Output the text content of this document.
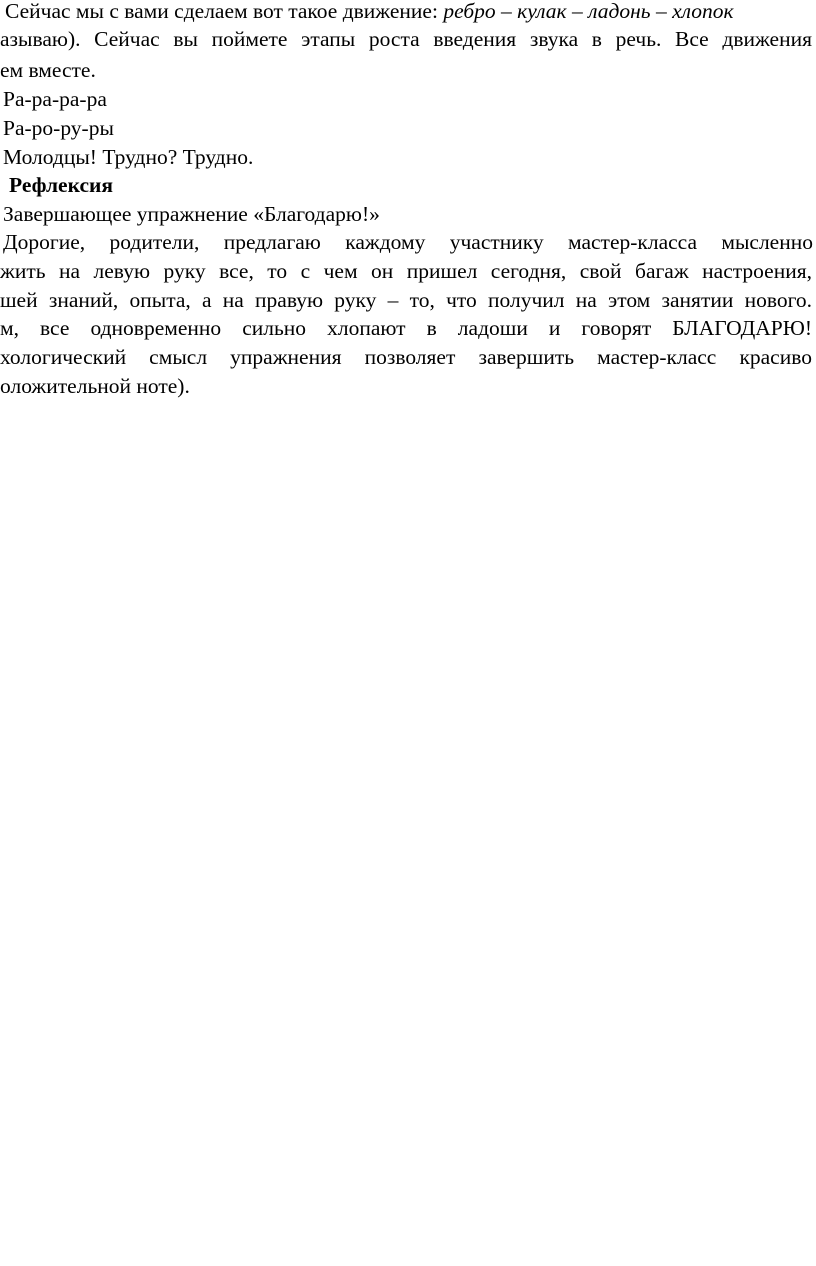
Сейчас мы с вами сделаем вот такое движение: ребро – кулак – ладонь – хлопок
азываю). Сейчас вы поймете этапы роста введения звука в речь. Все движения
ем вместе.
Ра-ра-ра-ра
Ра-ро-ру-ры
Молодцы! Трудно? Трудно.
Рефлексия
Завершающее упражнение «Благодарю!»
Дорогие, родители, предлагаю каждому участнику мастер-класса мысленно
жить на левую руку все, то с чем он пришел сегодня, свой багаж настроения,
шей знаний, опыта, а на правую руку – то, что получил на этом занятии нового.
м, все одновременно сильно хлопают в ладоши и говорят БЛАГОДАРЮ!
хологический смысл упражнения позволяет завершить мастер-класс красиво
оложительной ноте).
